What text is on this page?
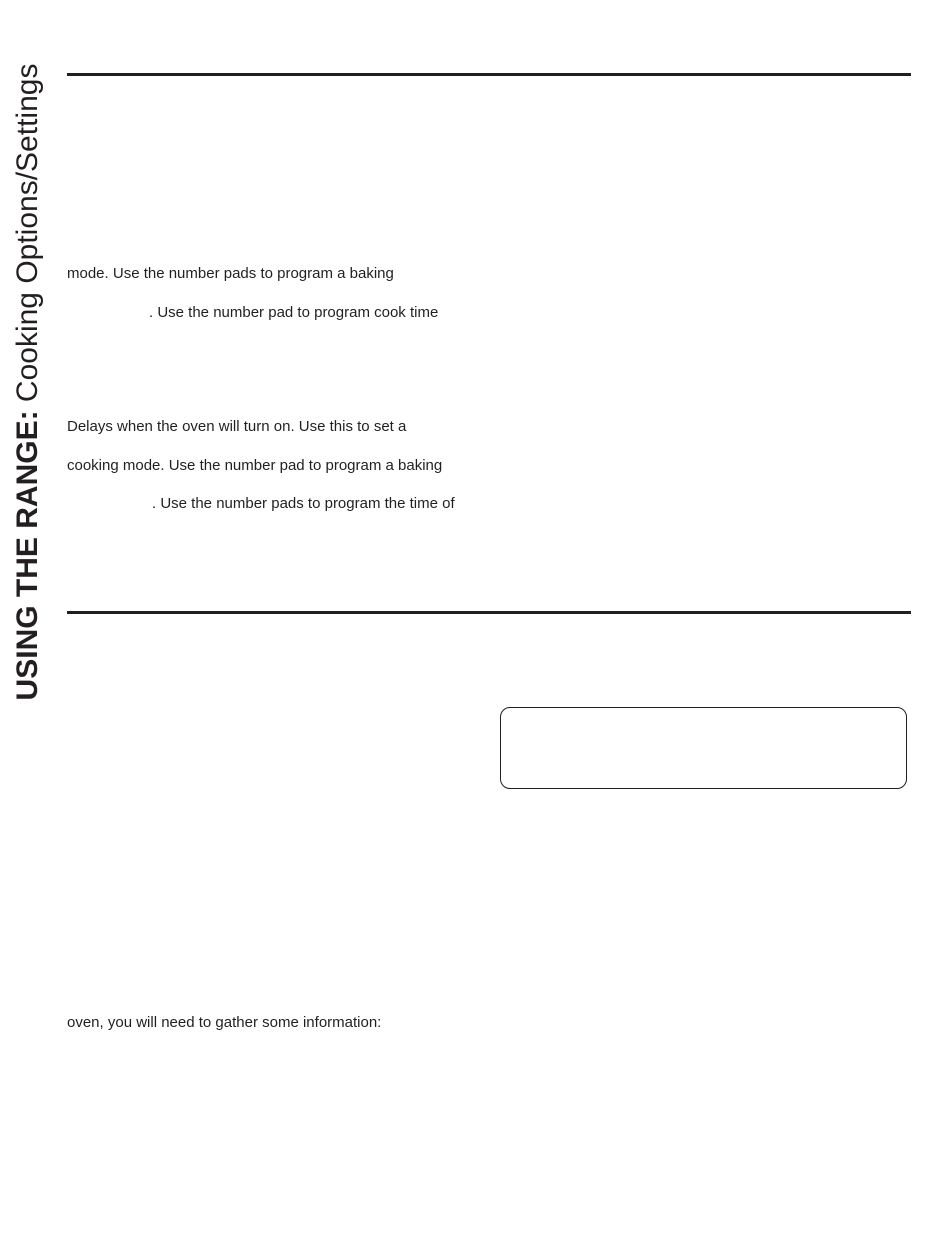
USING THE RANGE: Cooking Options/Settings mode. Use the number pads to program a baking
. Use the number pad to program cook time
Delays when the oven will turn on. Use this to set a
cooking mode. Use the number pad to program a baking
. Use the number pads to program the time of
oven, you will need to gather some information:
